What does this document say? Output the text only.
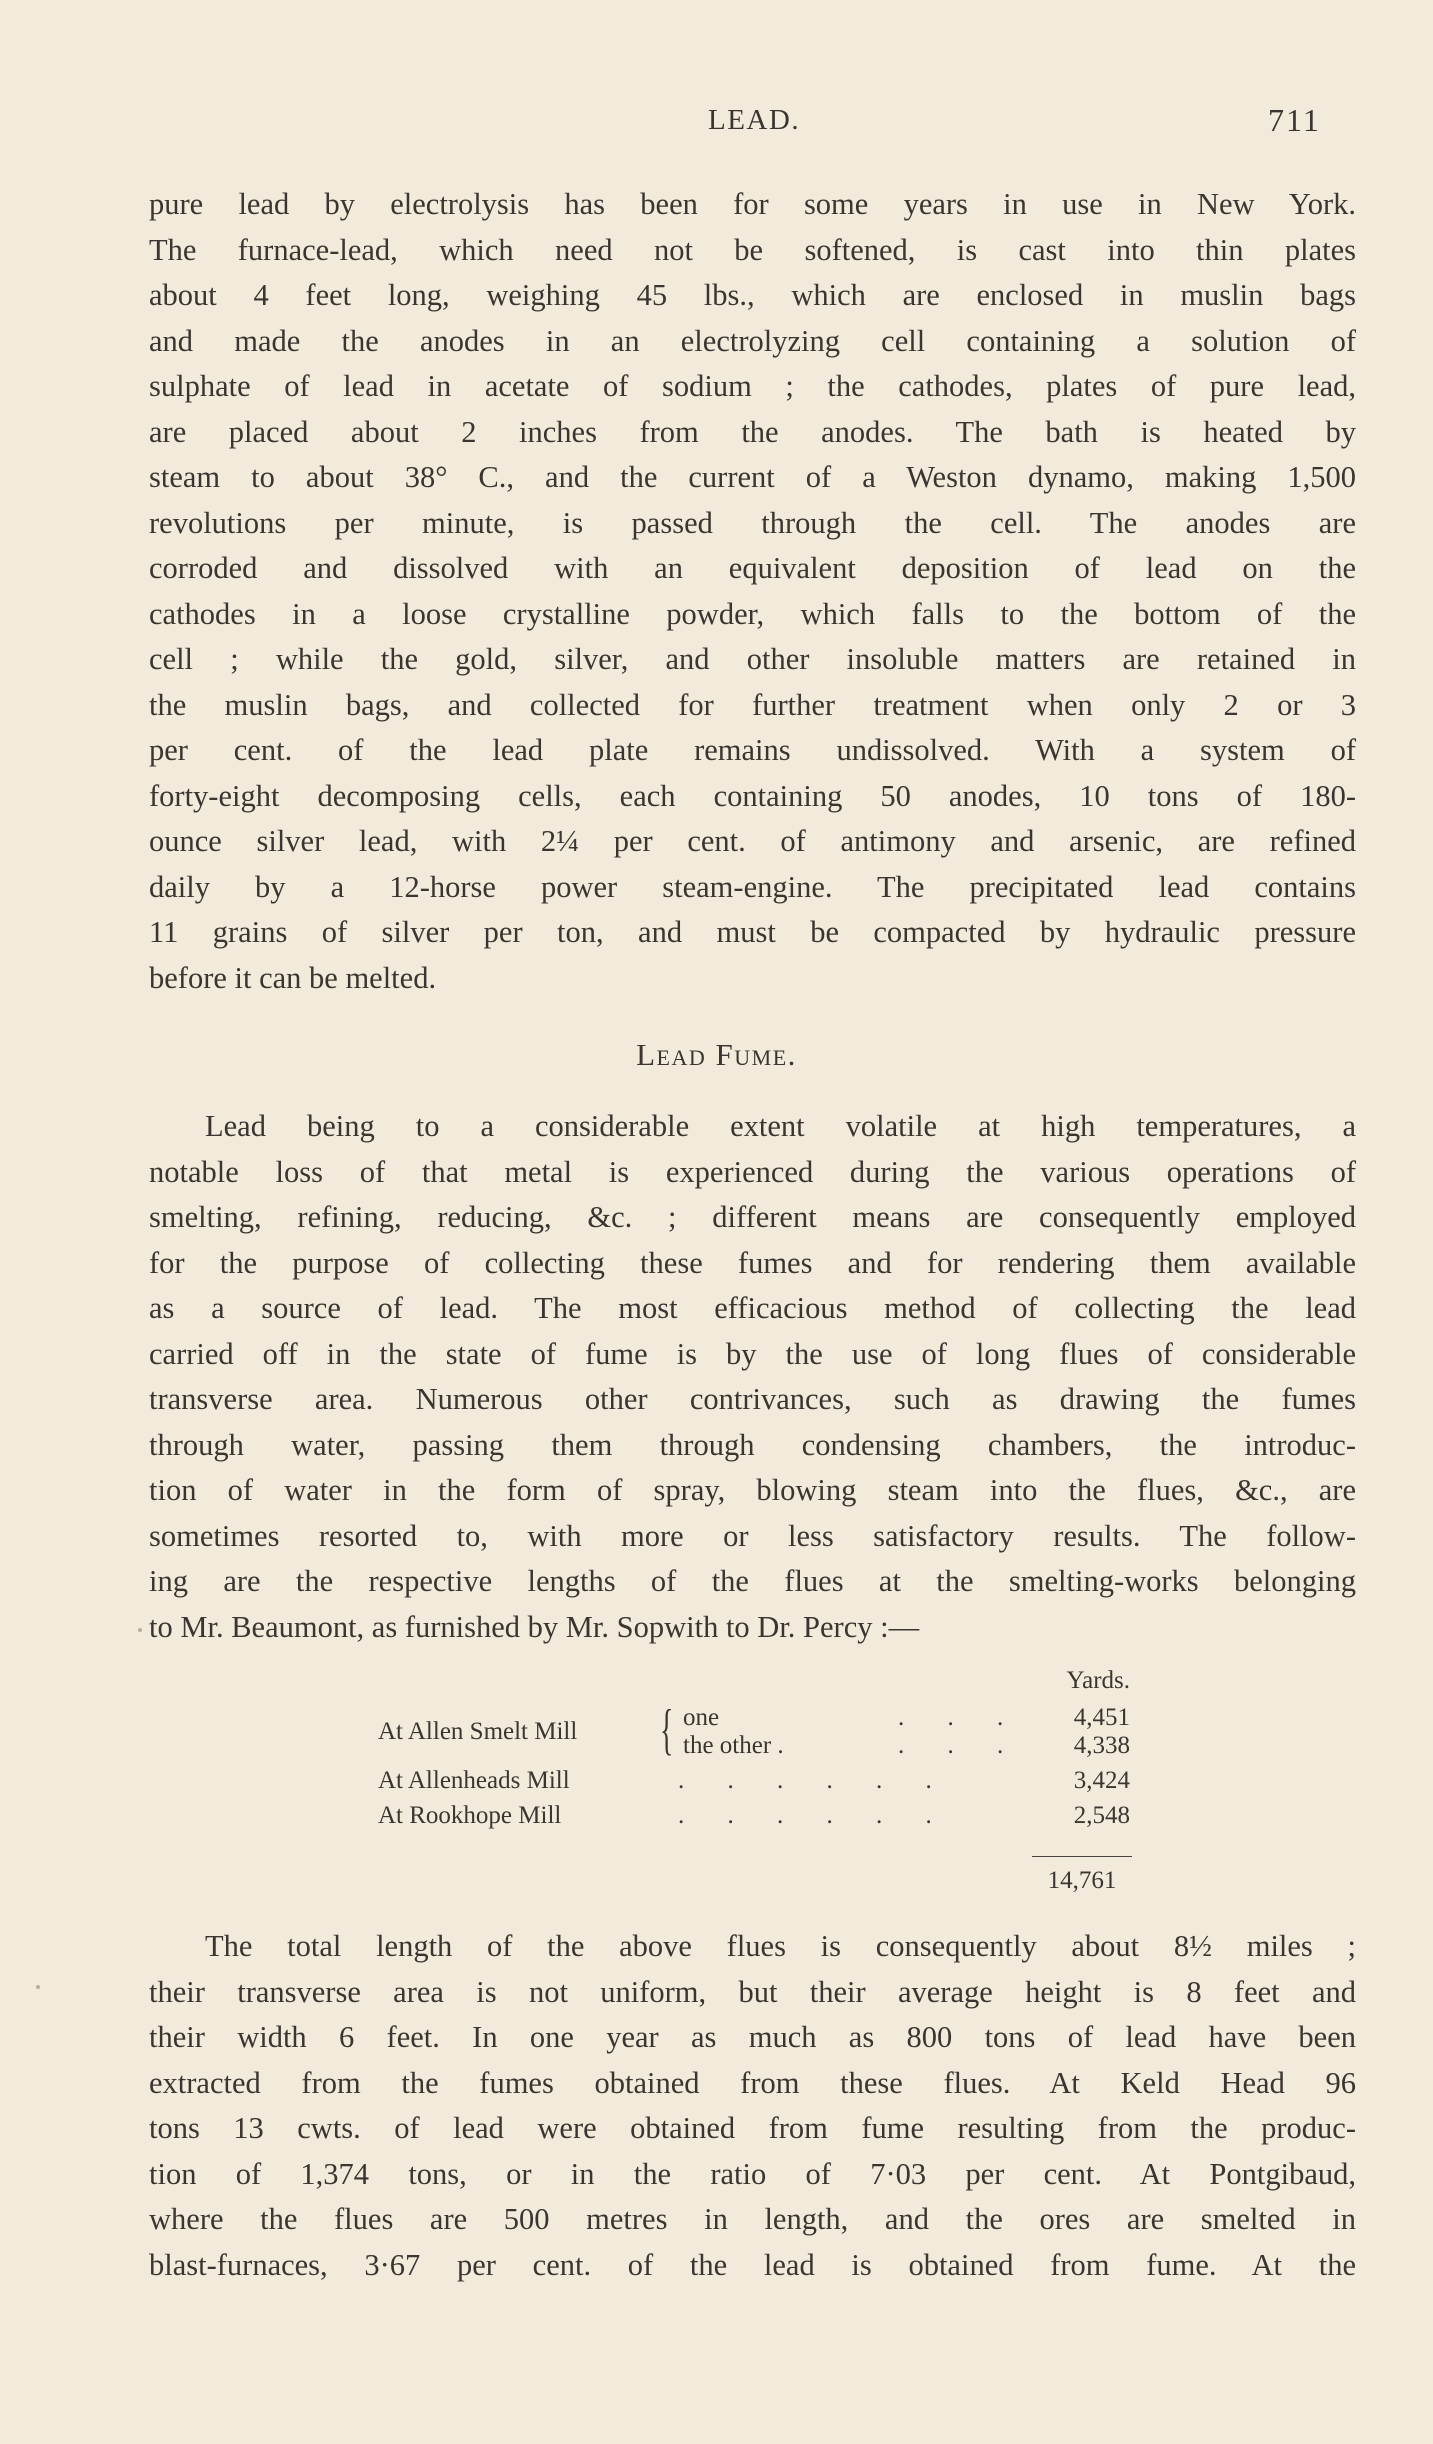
LEAD.	711

pure lead by electrolysis has been for some years in use in New York.
The furnace-lead, which need not be softened, is cast into thin plates
about 4 feet long, weighing 45 lbs., which are enclosed in muslin bags
and made the anodes in an electrolyzing cell containing a solution of
sulphate of lead in acetate of sodium ; the cathodes, plates of pure lead,
are placed about 2 inches from the anodes. The bath is heated by
steam to about 38° C., and the current of a Weston dynamo, making 1,500
revolutions per minute, is passed through the cell. The anodes are
corroded and dissolved with an equivalent deposition of lead on the
cathodes in a loose crystalline powder, which falls to the bottom of the
cell ; while the gold, silver, and other insoluble matters are retained in
the muslin bags, and collected for further treatment when only 2 or 3
per cent. of the lead plate remains undissolved. With a system of
forty-eight decomposing cells, each containing 50 anodes, 10 tons of 180-
ounce silver lead, with 2¼ per cent. of antimony and arsenic, are refined
daily by a 12-horse power steam-engine. The precipitated lead contains
11 grains of silver per ton, and must be compacted by hydraulic pressure
before it can be melted.

Lead Fume.

Lead being to a considerable extent volatile at high temperatures, a
notable loss of that metal is experienced during the various operations of
smelting, refining, reducing, &c. ; different means are consequently employed
for the purpose of collecting these fumes and for rendering them available
as a source of lead. The most efficacious method of collecting the lead
carried off in the state of fume is by the use of long flues of considerable
transverse area. Numerous other contrivances, such as drawing the fumes
through water, passing them through condensing chambers, the introduc-
tion of water in the form of spray, blowing steam into the flues, &c., are
sometimes resorted to, with more or less satisfactory results. The follow-
ing are the respective lengths of the flues at the smelting-works belonging
to Mr. Beaumont, as furnished by Mr. Sopwith to Dr. Percy :—

Yards.
At Allen Smelt Mill { one	.     .     .	4,451
the other .	.     .     .	4,338
At Allenheads Mill	.     .     .     .     .     .	3,424
At Rookhope Mill	.     .     .     .     .     .	2,548
14,761

The total length of the above flues is consequently about 8½ miles ;
their transverse area is not uniform, but their average height is 8 feet and
their width 6 feet. In one year as much as 800 tons of lead have been
extracted from the fumes obtained from these flues. At Keld Head 96
tons 13 cwts. of lead were obtained from fume resulting from the produc-
tion of 1,374 tons, or in the ratio of 7·03 per cent. At Pontgibaud,
where the flues are 500 metres in length, and the ores are smelted in
blast-furnaces, 3·67 per cent. of the lead is obtained from fume. At the
